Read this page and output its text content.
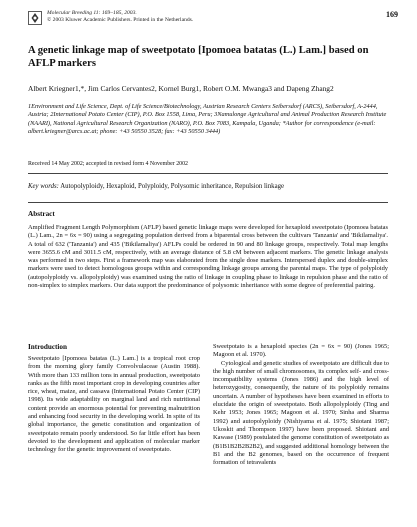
Molecular Breeding 11: 169–185, 2003.
© 2003 Kluwer Academic Publishers. Printed in the Netherlands.
169
A genetic linkage map of sweetpotato [Ipomoea batatas (L.) Lam.] based on AFLP markers
Albert Kriegner1,*, Jim Carlos Cervantes2, Kornel Burg1, Robert O.M. Mwanga3 and Dapeng Zhang2
1Environment and Life Science, Dept. of Life Science/Biotechnology, Austrian Research Centers Seibersdorf (ARCS), Seibersdorf, A-2444, Austria; 2International Potato Center (CIP), P.O. Box 1558, Lima, Peru; 3Namulonge Agricultural and Animal Production Research Institute (NAARI), National Agricultural Research Organization (NARO), P.O. Box 7083, Kampala, Uganda; *Author for correspondence (e-mail: albert.kriegner@arcs.ac.at; phone: +43 50550 3528; fax: +43 50550 3444)
Received 14 May 2002; accepted in revised form 4 November 2002
Key words: Autopolyploidy, Hexaploid, Polyploidy, Polysomic inheritance, Repulsion linkage
Abstract

Amplified Fragment Length Polymorphism (AFLP) based genetic linkage maps were developed for hexaploid sweetpotato (Ipomoea batatas (L.) Lam., 2n = 6x = 90) using a segregating population derived from a biparental cross between the cultivars 'Tanzania' and 'Bikilamaliya'. A total of 632 ('Tanzania') and 435 ('Bikilamaliya') AFLPs could be ordered in 90 and 80 linkage groups, respectively. Total map lengths were 3655.6 cM and 3011.5 cM, respectively, with an average distance of 5.8 cM between adjacent markers. The genetic linkage analysis was performed in two steps. First a framework map was elaborated from the single dose markers. Interspersed duplex and double-simplex markers were used to detect homologous groups within and corresponding linkage groups among the parental maps. The type of polyploidy (autopolyploidy vs. allopolyploidy) was examined using the ratio of linkage in coupling phase to linkage in repulsion phase and the ratio of non-simplex to simplex markers. Our data support the predominance of polysomic inheritance with some degree of preferential pairing.

Introduction

Sweetpotato [Ipomoea batatas (L.) Lam.] is a tropical root crop from the morning glory family Convolvulaceae (Austin 1988). With more than 133 million tons in annual production, sweetpotato ranks as the fifth most important crop in developing countries after rice, wheat, maize, and cassava (International Potato Center (CIP) 1998). Its wide adaptability on marginal land and rich nutritional content provide an enormous potential for preventing malnutrition and enhancing food security in the developing world. In spite of its global importance, the genetic constitution and organization of sweetpotato remain poorly understood. So far little effort has been devoted to the development and application of molecular marker technology for the genetic improvement of sweetpotato.

Sweetpotato is a hexaploid species (2n = 6x = 90) (Jones 1965; Magoon et al. 1970).

Cytological and genetic studies of sweetpotato are difficult due to the high number of small chromosomes, its complex self- and cross-incompatibility systems (Jones 1986) and the high level of heterozygosity, consequently, the nature of its polyploidy remains uncertain. A number of hypotheses have been examined in efforts to elucidate the origin of sweetpotato. Both allopolyploidy (Ting and Kehr 1953; Jones 1965; Magoon et al. 1970; Sinha and Sharma 1992) and autopolyploidy (Nishiyama et al. 1975; Shiotani 1987; Ukoskit and Thompson 1997) have been proposed. Shiotani and Kawase (1989) postulated the genome constitution of sweetpotato as (B1B1B2B2B2B2), and suggested additional homology between the B1 and the B2 genomes, based on the occurrence of frequent formation of tetravalents
